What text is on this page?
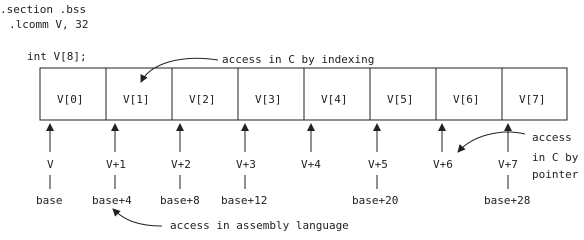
.section .bss
.lcomm V, 32
int V[8];
V[0]	V[1]	V[2]	V[3]	V[4]	V[5]	V[6]	V[7]
V	V+1	V+2	V+3	V+4	V+5	V+6	V+7
base	base+4	base+8 base+12	base+20	base+28
access in C by indexing
access in assembly language
access
in C by
pointer
